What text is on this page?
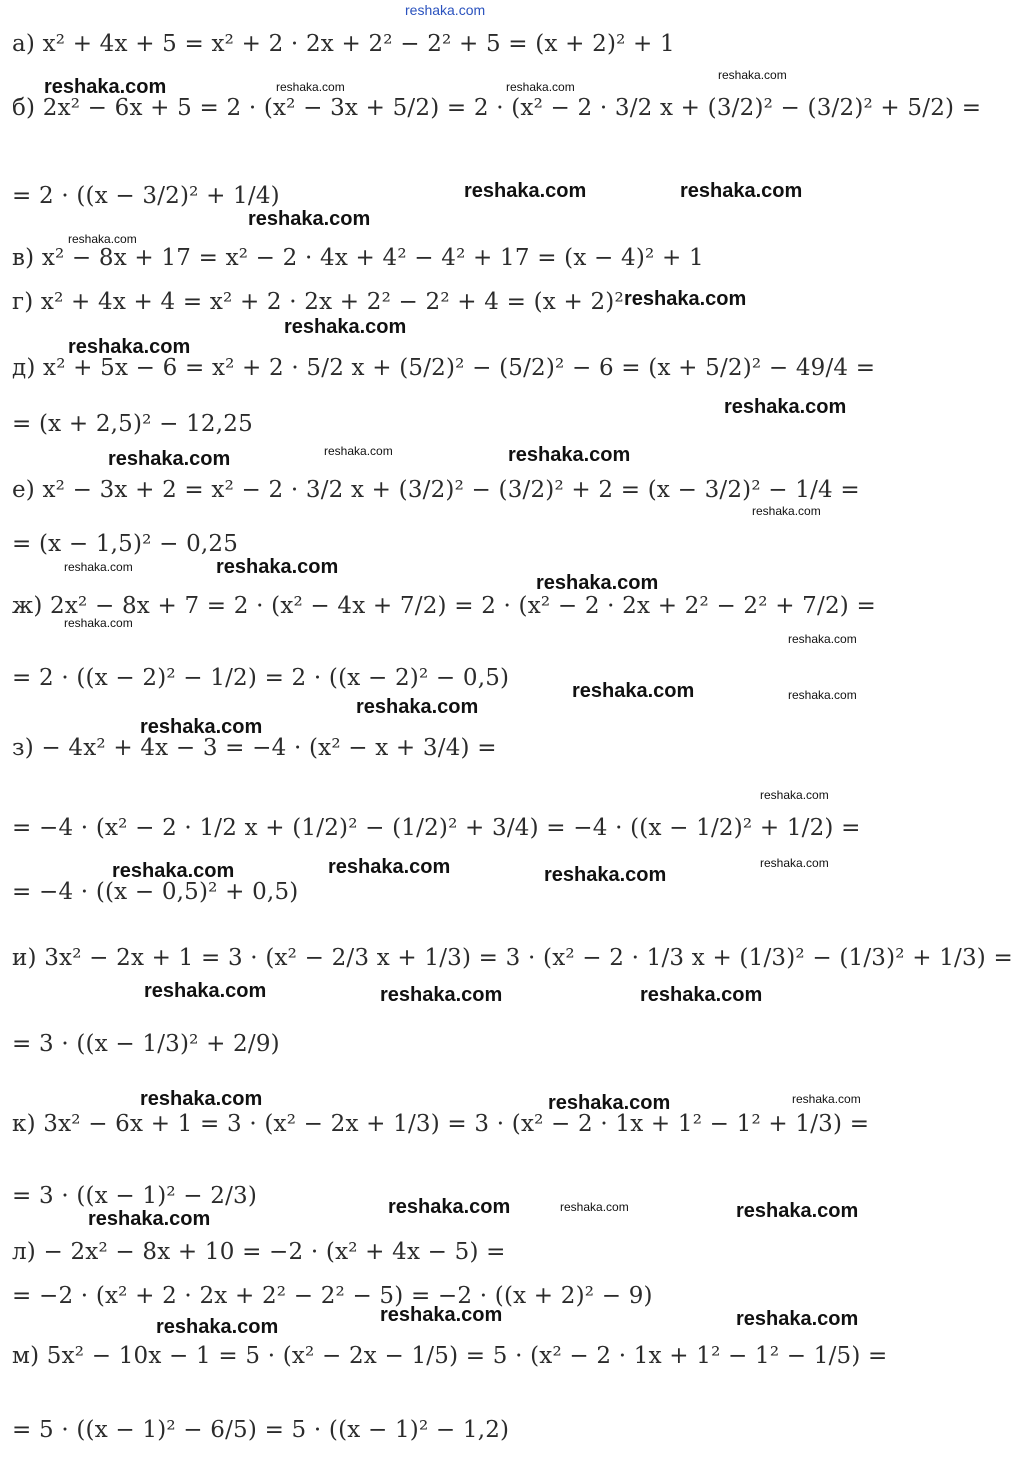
reshaka.com
а) x² + 4x + 5 = x² + 2 · 2x + 2² − 2² + 5 = (x + 2)² + 1
б) 2x² − 6x + 5 = 2 · (x² − 3x + 5/2) = 2 · (x² − 2 · 3/2 x + (3/2)² − (3/2)² + 5/2) =
= 2 · ((x − 3/2)² + 1/4)
в) x² − 8x + 17 = x² − 2 · 4x + 4² − 4² + 17 = (x − 4)² + 1
г) x² + 4x + 4 = x² + 2 · 2x + 2² − 2² + 4 = (x + 2)²
д) x² + 5x − 6 = x² + 2 · 5/2 x + (5/2)² − (5/2)² − 6 = (x + 5/2)² − 49/4 =
= (x + 2,5)² − 12,25
е) x² − 3x + 2 = x² − 2 · 3/2 x + (3/2)² − (3/2)² + 2 = (x − 3/2)² − 1/4 =
= (x − 1,5)² − 0,25
ж) 2x² − 8x + 7 = 2 · (x² − 4x + 7/2) = 2 · (x² − 2 · 2x + 2² − 2² + 7/2) =
= 2 · ((x − 2)² − 1/2) = 2 · ((x − 2)² − 0,5)
з) − 4x² + 4x − 3 = −4 · (x² − x + 3/4) =
= −4 · (x² − 2 · 1/2 x + (1/2)² − (1/2)² + 3/4) = −4 · ((x − 1/2)² + 1/2) =
= −4 · ((x − 0,5)² + 0,5)
и) 3x² − 2x + 1 = 3 · (x² − 2/3 x + 1/3) = 3 · (x² − 2 · 1/3 x + (1/3)² − (1/3)² + 1/3) =
= 3 · ((x − 1/3)² + 2/9)
к) 3x² − 6x + 1 = 3 · (x² − 2x + 1/3) = 3 · (x² − 2 · 1x + 1² − 1² + 1/3) =
= 3 · ((x − 1)² − 2/3)
л) − 2x² − 8x + 10 = −2 · (x² + 4x − 5) =
= −2 · (x² + 2 · 2x + 2² − 2² − 5) = −2 · ((x + 2)² − 9)
м) 5x² − 10x − 1 = 5 · (x² − 2x − 1/5) = 5 · (x² − 2 · 1x + 1² − 1² − 1/5) =
= 5 · ((x − 1)² − 6/5) = 5 · ((x − 1)² − 1,2)
reshaka.com	reshaka.com	reshaka.com
reshaka.com
reshaka.com	reshaka.com
reshaka.com
reshaka.com
reshaka.com
reshaka.com
reshaka.com
reshaka.com
reshaka.com	reshaka.com
reshaka.com
reshaka.com
reshaka.com	reshaka.com
reshaka.com
reshaka.com
reshaka.com
reshaka.com	reshaka.com
reshaka.com
reshaka.com
reshaka.com
reshaka.com	reshaka.com
reshaka.com	reshaka.com
reshaka.com	reshaka.com	reshaka.com
reshaka.com	reshaka.com	reshaka.com
reshaka.com	reshaka.com	reshaka.com
reshaka.com
reshaka.com	reshaka.com
reshaka.com
